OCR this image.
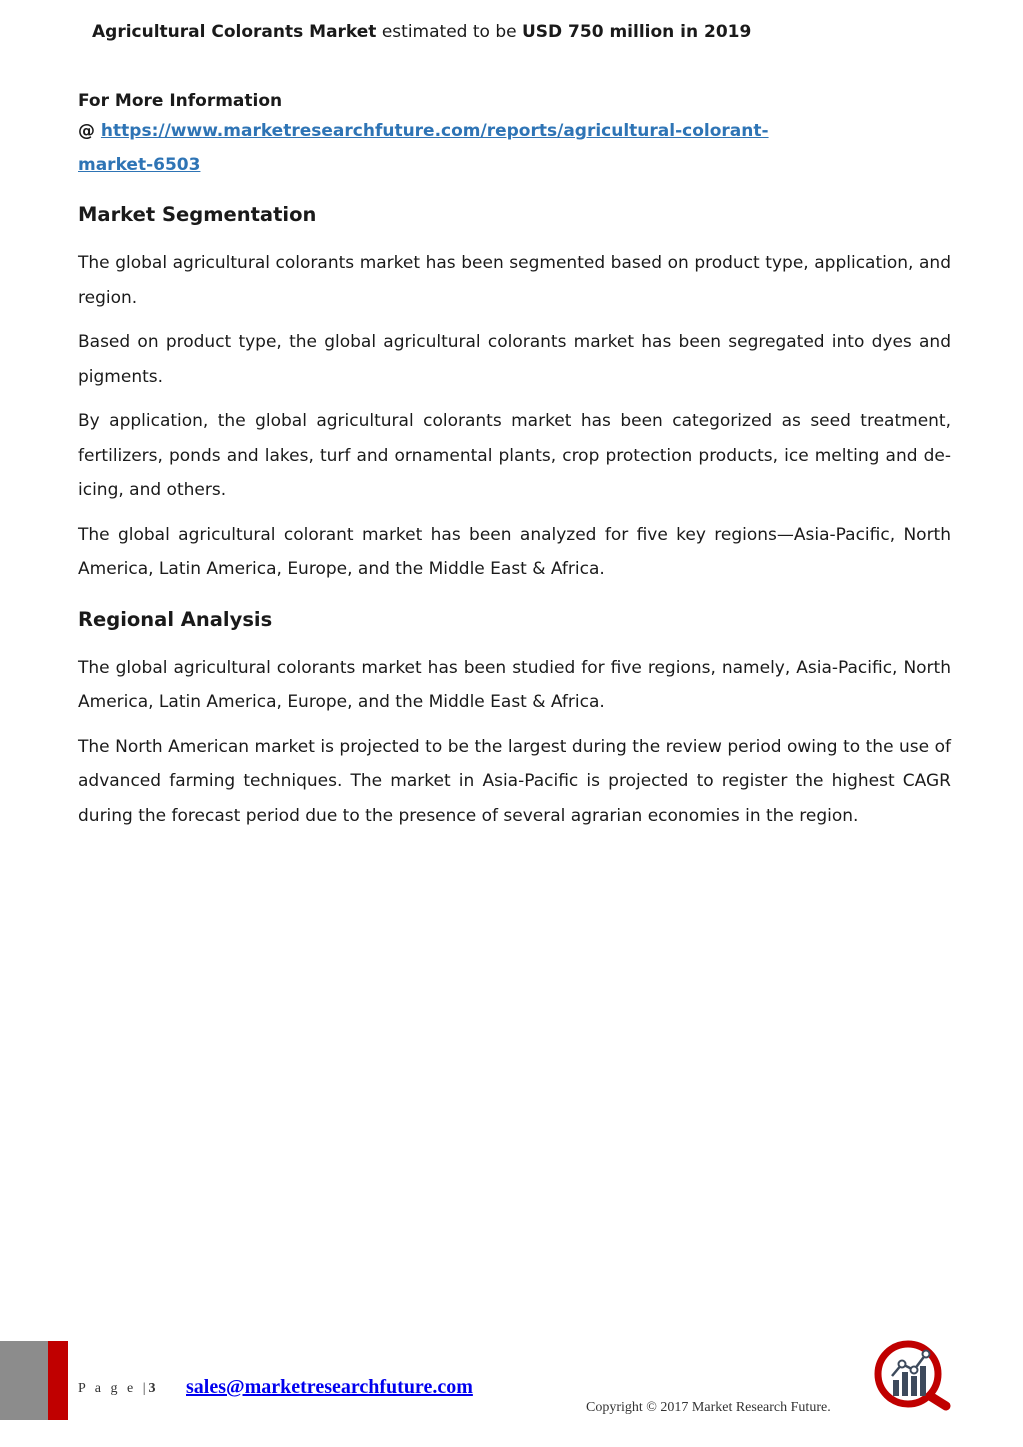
Agricultural Colorants Market estimated to be USD 750 million in 2019

For More Information

@ https://www.marketresearchfuture.com/reports/agricultural-colorant-
market-6503

Market Segmentation

The global agricultural colorants market has been segmented based on product type, application, and region.

Based on product type, the global agricultural colorants market has been segregated into dyes and pigments.

By application, the global agricultural colorants market has been categorized as seed treatment, fertilizers, ponds and lakes, turf and ornamental plants, crop protection products, ice melting and de-icing, and others.

The global agricultural colorant market has been analyzed for five key regions—Asia-Pacific, North America, Latin America, Europe, and the Middle East & Africa.

Regional Analysis

The global agricultural colorants market has been studied for five regions, namely, Asia-Pacific, North America, Latin America, Europe, and the Middle East & Africa.

The North American market is projected to be the largest during the review period owing to the use of advanced farming techniques. The market in Asia-Pacific is projected to register the highest CAGR during the forecast period due to the presence of several agrarian economies in the region.

P a g e |3 sales@marketresearchfuture.com
Copyright © 2017 Market Research Future.
